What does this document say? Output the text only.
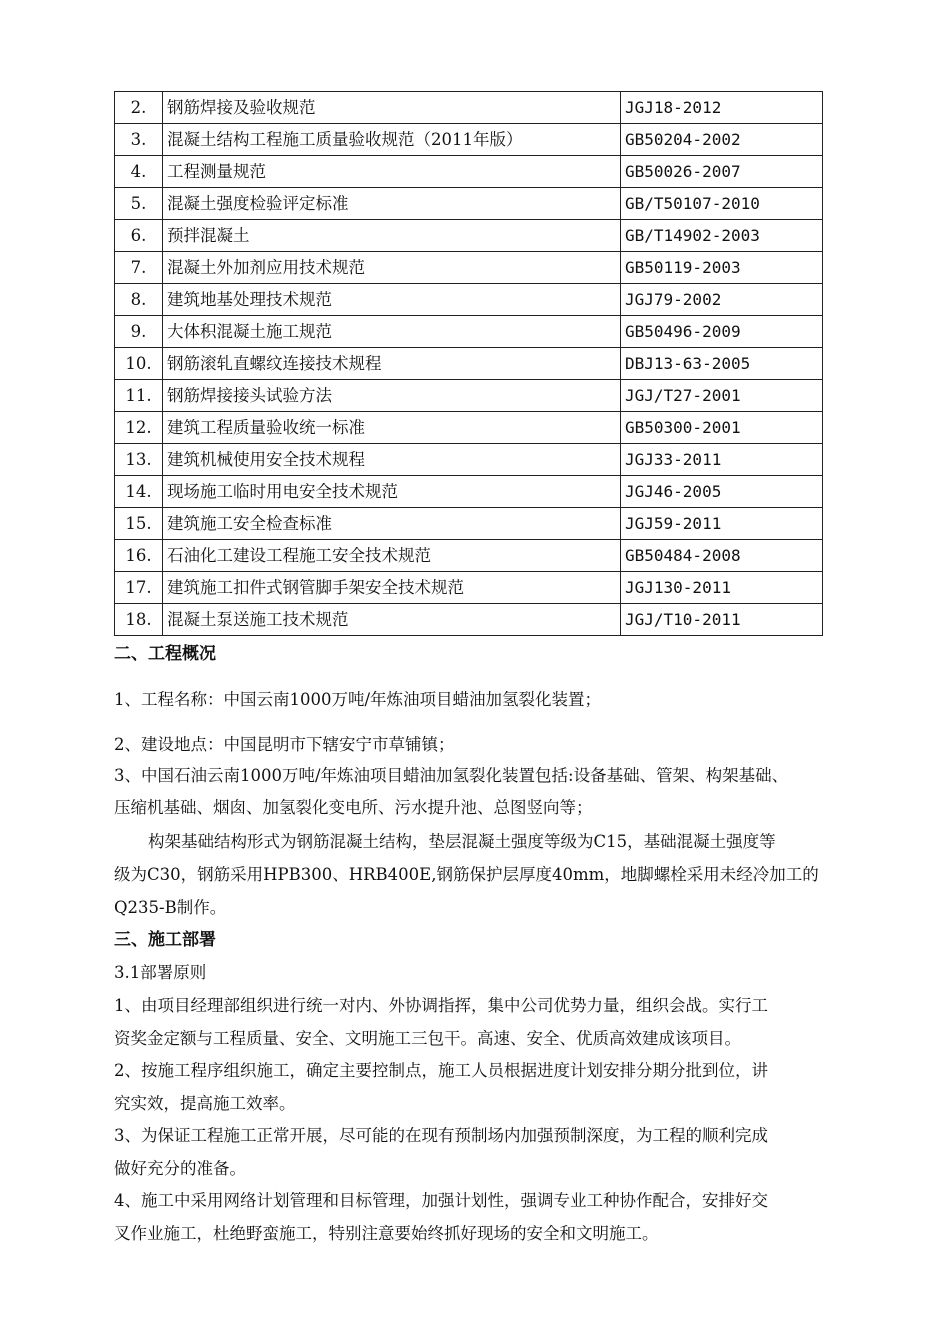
2.	钢筋焊接及验收规范	JGJ18-2012
3.	混凝土结构工程施工质量验收规范（2011年版）	GB50204-2002
4.	工程测量规范	GB50026-2007
5.	混凝土强度检验评定标准	GB/T50107-2010
6.	预拌混凝土	GB/T14902-2003
7.	混凝土外加剂应用技术规范	GB50119-2003
8.	建筑地基处理技术规范	JGJ79-2002
9.	大体积混凝土施工规范	GB50496-2009
10.	钢筋滚轧直螺纹连接技术规程	DBJ13-63-2005
11.	钢筋焊接接头试验方法	JGJ/T27-2001
12.	建筑工程质量验收统一标准	GB50300-2001
13.	建筑机械使用安全技术规程	JGJ33-2011
14.	现场施工临时用电安全技术规范	JGJ46-2005
15.	建筑施工安全检查标准	JGJ59-2011
16.	石油化工建设工程施工安全技术规范	GB50484-2008
17.	建筑施工扣件式钢管脚手架安全技术规范	JGJ130-2011
18.	混凝土泵送施工技术规范	JGJ/T10-2011
二、工程概况
1、工程名称：中国云南1000万吨/年炼油项目蜡油加氢裂化装置；
2、建设地点：中国昆明市下辖安宁市草铺镇；
3、中国石油云南1000万吨/年炼油项目蜡油加氢裂化装置包括:设备基础、管架、构架基础、
压缩机基础、烟囱、加氢裂化变电所、污水提升池、总图竖向等；
构架基础结构形式为钢筋混凝土结构，垫层混凝土强度等级为C15，基础混凝土强度等
级为C30，钢筋采用HPB300、HRB400E,钢筋保护层厚度40mm，地脚螺栓采用未经冷加工的
Q235-B制作。
三、施工部署
3.1部署原则
1、由项目经理部组织进行统一对内、外协调指挥，集中公司优势力量，组织会战。实行工
资奖金定额与工程质量、安全、文明施工三包干。高速、安全、优质高效建成该项目。
2、按施工程序组织施工，确定主要控制点，施工人员根据进度计划安排分期分批到位，讲
究实效，提高施工效率。
3、为保证工程施工正常开展，尽可能的在现有预制场内加强预制深度，为工程的顺利完成
做好充分的准备。
4、施工中采用网络计划管理和目标管理，加强计划性，强调专业工种协作配合，安排好交
叉作业施工，杜绝野蛮施工，特别注意要始终抓好现场的安全和文明施工。
